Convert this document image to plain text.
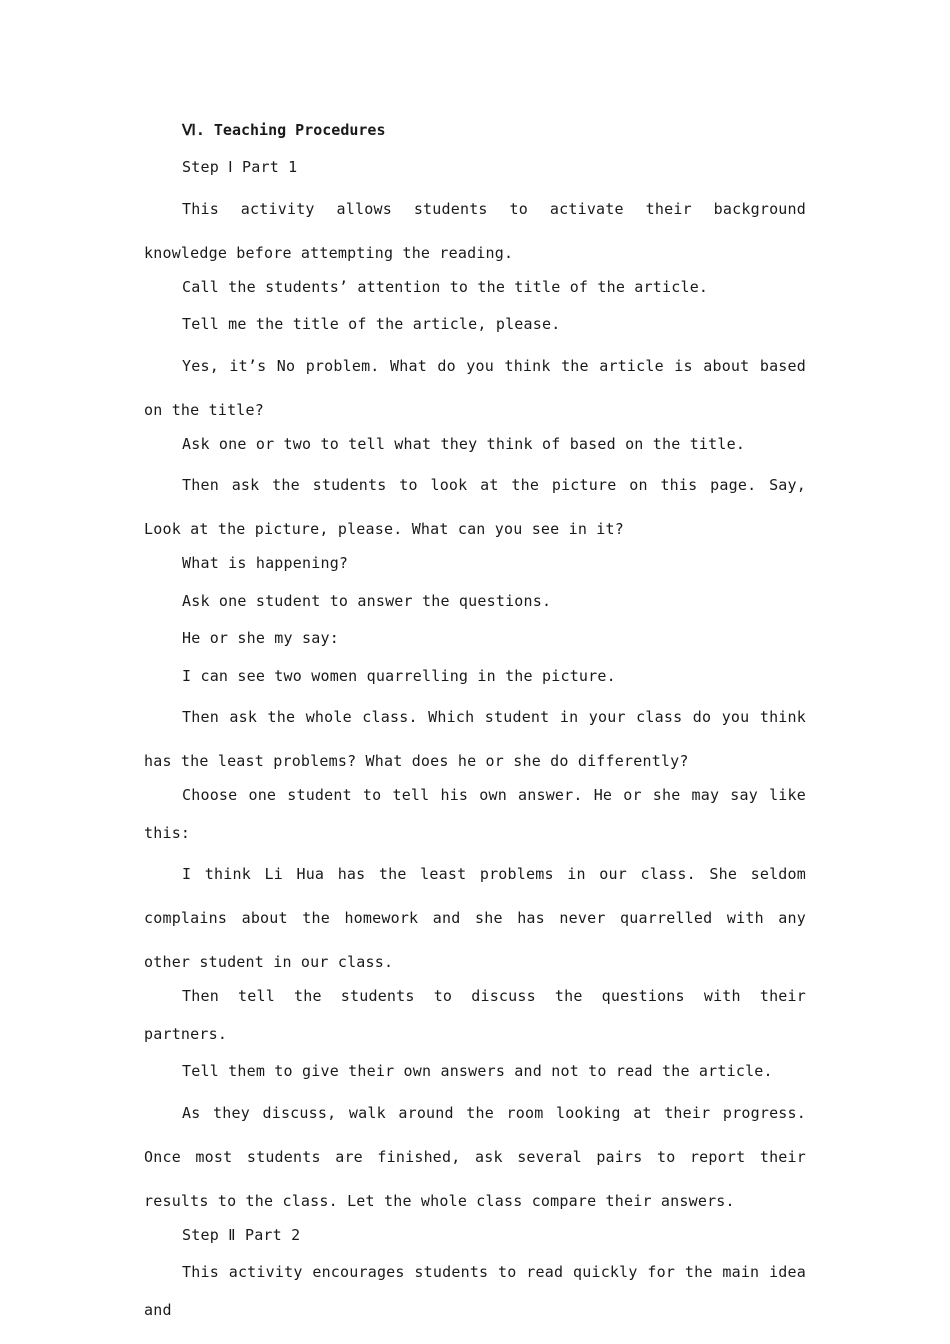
Ⅵ. Teaching Procedures

Step Ⅰ Part 1

This activity allows students to activate their background knowledge before attempting the reading.

Call the students’ attention to the title of the article.

Tell me the title of the article, please.

Yes, it’s No problem. What do you think the article is about based on the title?

Ask one or two to tell what they think of based on the title.

Then ask the students to look at the picture on this page. Say, Look at the picture, please. What can you see in it?

What is happening?

Ask one student to answer the questions.

He or she my say:

I can see two women quarrelling in the picture.

Then ask the whole class. Which student in your class do you think has the least problems? What does he or she do differently?

Choose one student to tell his own answer. He or she may say like this:

I think Li Hua has the least problems in our class. She seldom complains about the homework and she has never quarrelled with any other student in our class.

Then tell the students to discuss the questions with their partners.

Tell them to give their own answers and not to read the article.

As they discuss, walk around the room looking at their progress. Once most students are finished, ask several pairs to report their results to the class. Let the whole class compare their answers.

Step Ⅱ Part 2

This activity encourages students to read quickly for the main idea and
